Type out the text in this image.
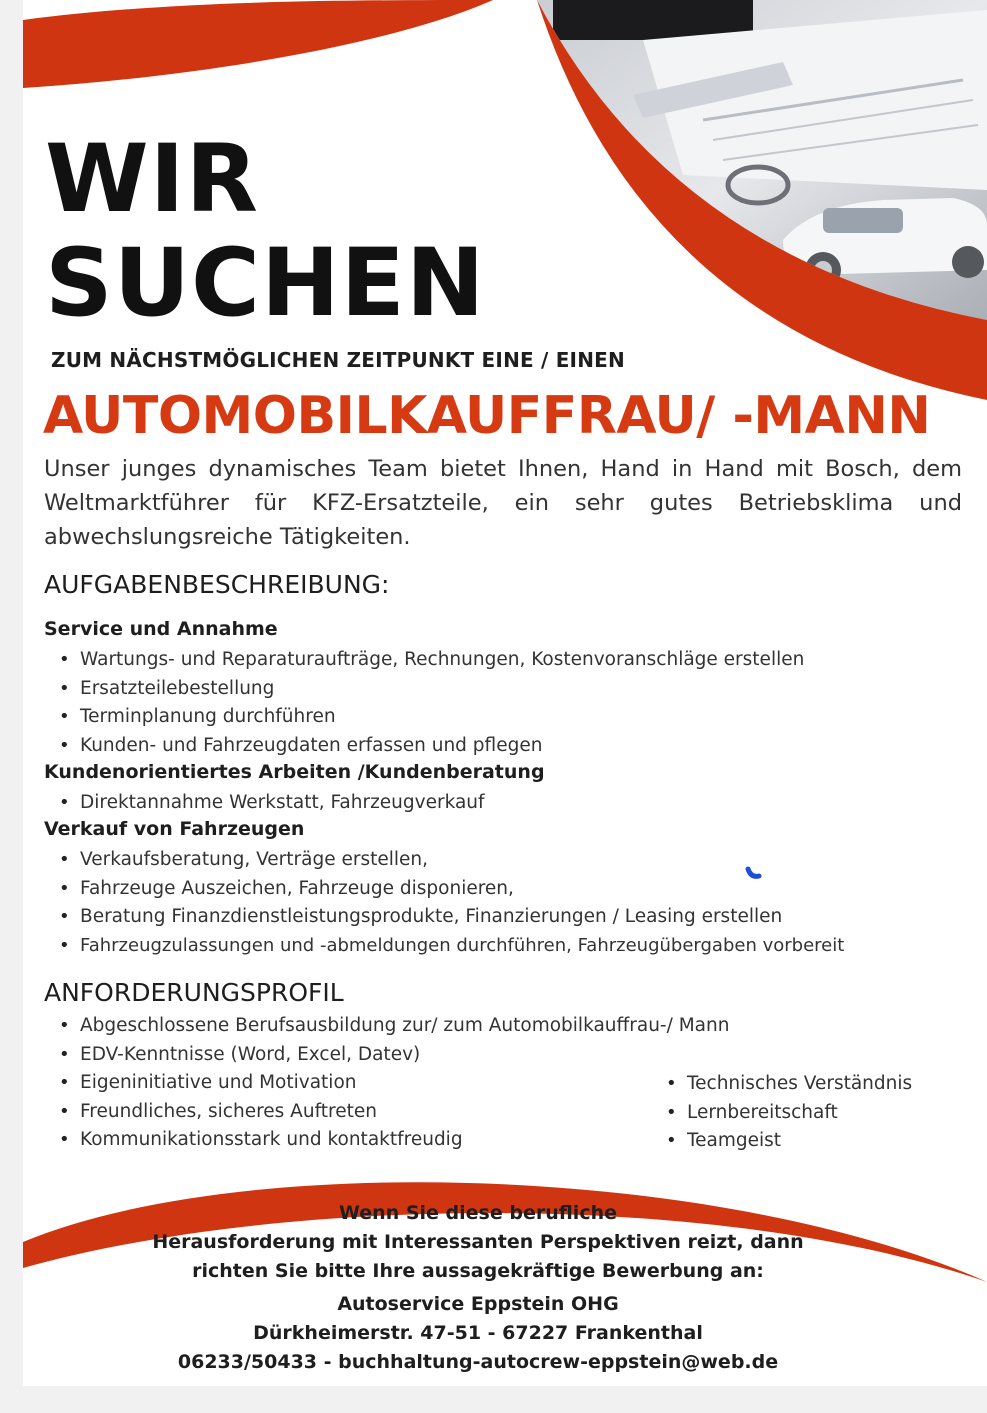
WIR
SUCHEN
ZUM NÄCHSTMÖGLICHEN ZEITPUNKT EINE / EINEN
AUTOMOBILKAUFFRAU/ -MANN
Unser junges dynamisches Team bietet Ihnen, Hand in Hand mit Bosch, dem Weltmarktführer für KFZ-Ersatzteile, ein sehr gutes Betriebsklima und abwechslungsreiche Tätigkeiten.
AUFGABENBESCHREIBUNG:
Service und Annahme
• Wartungs- und Reparaturaufträge, Rechnungen, Kostenvoranschläge erstellen
• Ersatzteilebestellung
• Terminplanung durchführen
• Kunden- und Fahrzeugdaten erfassen und pflegen
Kundenorientiertes Arbeiten /Kundenberatung
• Direktannahme Werkstatt, Fahrzeugverkauf
Verkauf von Fahrzeugen
• Verkaufsberatung, Verträge erstellen,
• Fahrzeuge Auszeichen, Fahrzeuge disponieren,
• Beratung Finanzdienstleistungsprodukte, Finanzierungen / Leasing erstellen
• Fahrzeugzulassungen und -abmeldungen durchführen, Fahrzeugübergaben vorbereit
ANFORDERUNGSPROFIL
• Abgeschlossene Berufsausbildung zur/ zum Automobilkauffrau-/ Mann
• EDV-Kenntnisse (Word, Excel, Datev)
• Eigeninitiative und Motivation
• Freundliches, sicheres Auftreten
• Kommunikationsstark und kontaktfreudig
• Technisches Verständnis
• Lernbereitschaft
• Teamgeist
Wenn Sie diese berufliche
Herausforderung mit Interessanten Perspektiven reizt, dann
richten Sie bitte Ihre aussagekräftige Bewerbung an:
Autoservice Eppstein OHG
Dürkheimerstr. 47-51 - 67227 Frankenthal
06233/50433 - buchhaltung-autocrew-eppstein@web.de
